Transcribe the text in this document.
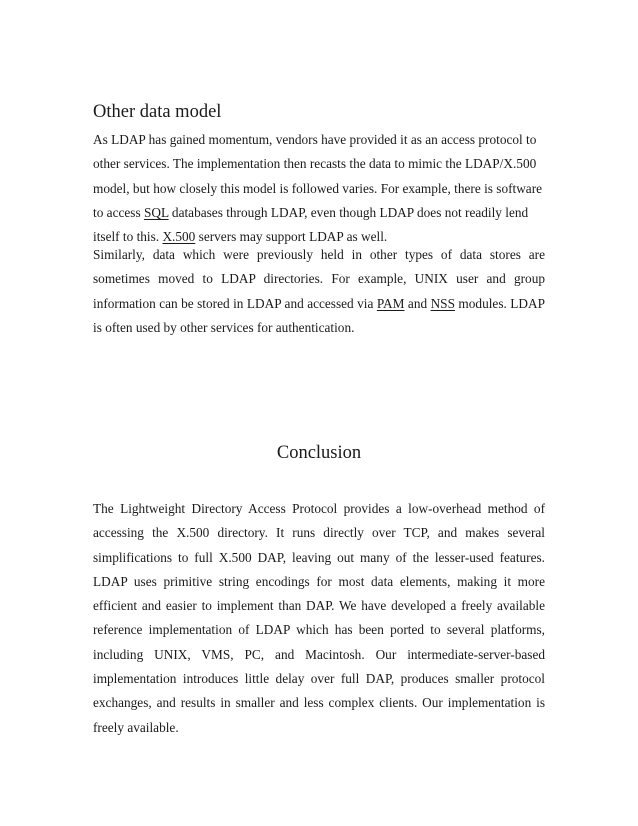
Other data model

As LDAP has gained momentum, vendors have provided it as an access protocol to other services. The implementation then recasts the data to mimic the LDAP/X.500 model, but how closely this model is followed varies. For example, there is software to access SQL databases through LDAP, even though LDAP does not readily lend itself to this. X.500 servers may support LDAP as well.

Similarly, data which were previously held in other types of data stores are sometimes moved to LDAP directories. For example, UNIX user and group information can be stored in LDAP and accessed via PAM and NSS modules. LDAP is often used by other services for authentication.

Conclusion

The Lightweight Directory Access Protocol provides a low-overhead method of accessing the X.500 directory. It runs directly over TCP, and makes several simplifications to full X.500 DAP, leaving out many of the lesser-used features. LDAP uses primitive string encodings for most data elements, making it more efficient and easier to implement than DAP. We have developed a freely available reference implementation of LDAP which has been ported to several platforms, including UNIX, VMS, PC, and Macintosh. Our intermediate-server-based implementation introduces little delay over full DAP, produces smaller protocol exchanges, and results in smaller and less complex clients. Our implementation is freely available.
